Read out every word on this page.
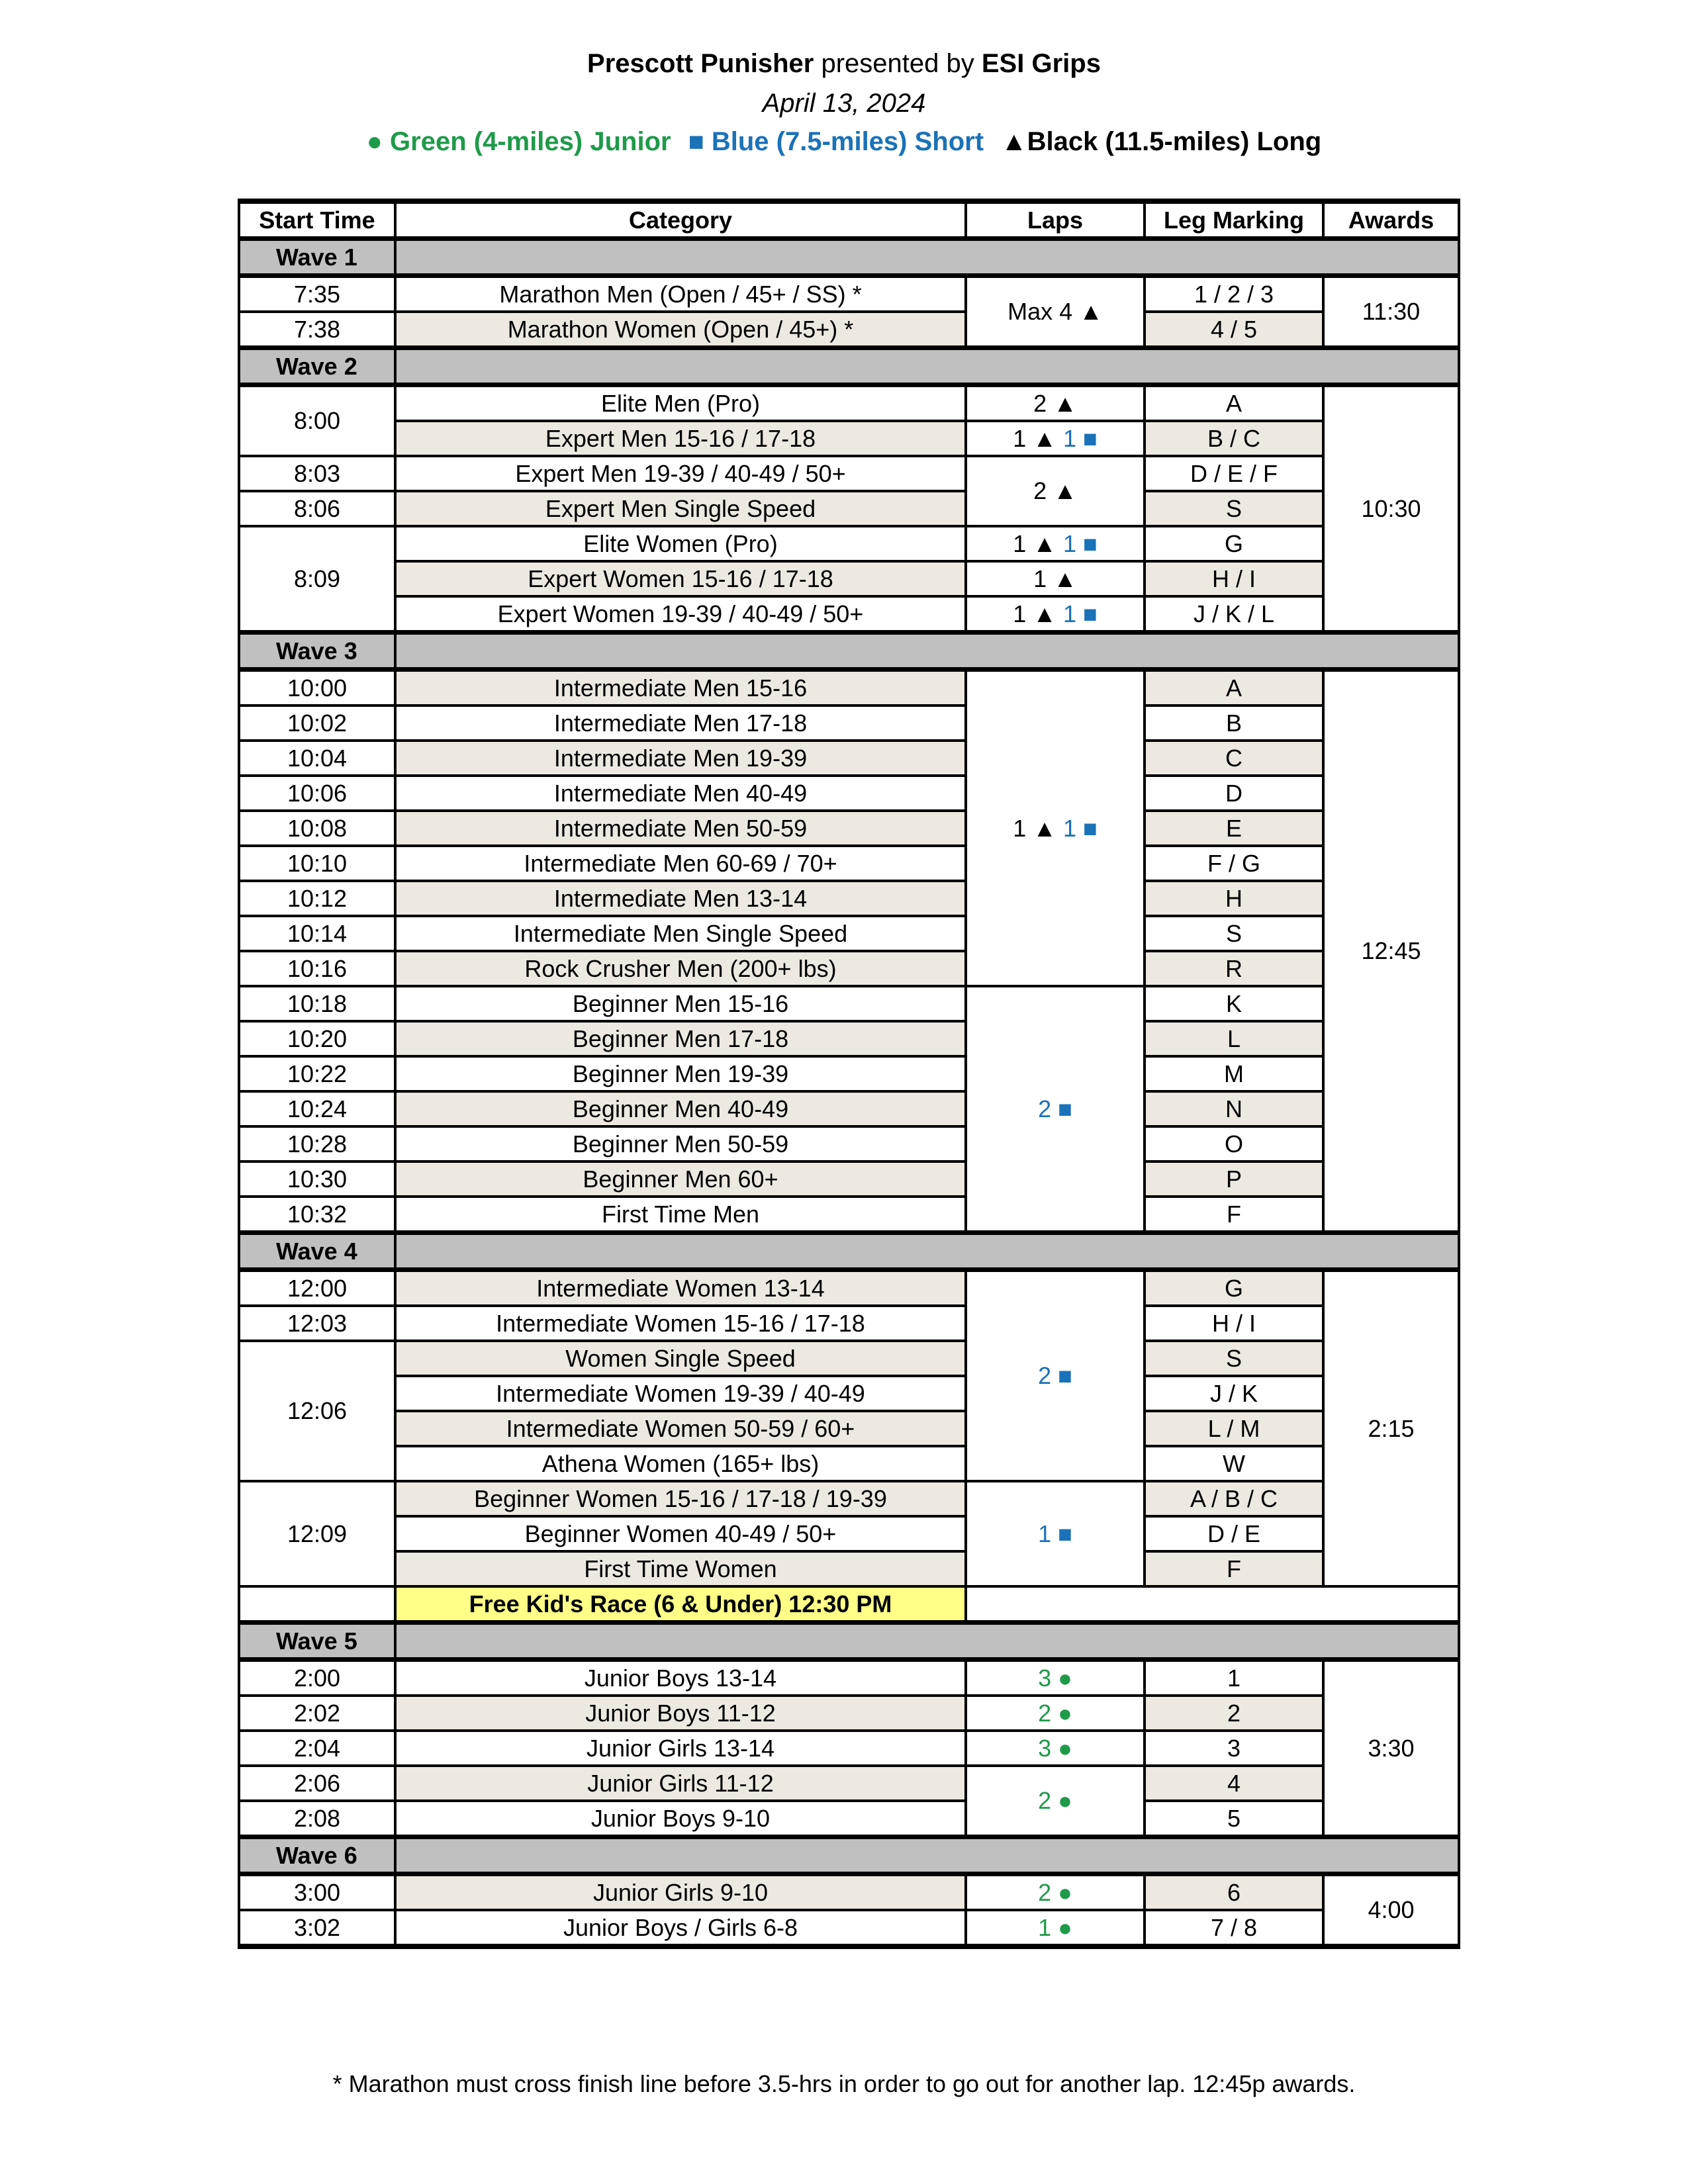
Prescott Punisher presented by ESI Grips
April 13, 2024
● Green (4-miles) Junior ■ Blue (7.5-miles) Short ▲Black (11.5-miles) Long
Start Time	Category	Laps	Leg Marking	Awards
Wave 1				
7:35	Marathon Men (Open / 45+ / SS) *	Max 4 ▲	1 / 2 / 3	11:30
7:38	Marathon Women (Open / 45+) *		4 / 5	
Wave 2				
8:00	Elite Men (Pro)	2 ▲	A	10:30
	Expert Men 15-16 / 17-18	1 ▲ 1 ■	B / C	
8:03	Expert Men 19-39 / 40-49 / 50+	2 ▲	D / E / F	
8:06	Expert Men Single Speed		S	
8:09	Elite Women (Pro)	1 ▲ 1 ■	G	
	Expert Women 15-16 / 17-18	1 ▲	H / I	
	Expert Women 19-39 / 40-49 / 50+	1 ▲ 1 ■	J / K / L	
Wave 3				
10:00	Intermediate Men 15-16	1 ▲ 1 ■	A	12:45
10:02	Intermediate Men 17-18		B	
10:04	Intermediate Men 19-39		C	
10:06	Intermediate Men 40-49		D	
10:08	Intermediate Men 50-59		E	
10:10	Intermediate Men 60-69 / 70+		F / G	
10:12	Intermediate Men 13-14		H	
10:14	Intermediate Men Single Speed		S	
10:16	Rock Crusher Men (200+ lbs)		R	
10:18	Beginner Men 15-16	2 ■	K	
10:20	Beginner Men 17-18		L	
10:22	Beginner Men 19-39		M	
10:24	Beginner Men 40-49		N	
10:28	Beginner Men 50-59		O	
10:30	Beginner Men 60+		P	
10:32	First Time Men		F	
Wave 4				
12:00	Intermediate Women 13-14	2 ■	G	2:15
12:03	Intermediate Women 15-16 / 17-18		H / I	
12:06	Women Single Speed		S	
	Intermediate Women 19-39 / 40-49		J / K	
	Intermediate Women 50-59 / 60+		L / M	
	Athena Women (165+ lbs)		W	
12:09	Beginner Women 15-16 / 17-18 / 19-39	1 ■	A / B / C	
	Beginner Women 40-49 / 50+		D / E	
	First Time Women		F	
	Free Kid's Race (6 & Under) 12:30 PM			
Wave 5				
2:00	Junior Boys 13-14	3 ●	1	3:30
2:02	Junior Boys 11-12	2 ●	2	
2:04	Junior Girls 13-14	3 ●	3	
2:06	Junior Girls 11-12	2 ●	4	
2:08	Junior Boys 9-10		5	
Wave 6				
3:00	Junior Girls 9-10	2 ●	6	4:00
3:02	Junior Boys / Girls 6-8	1 ●	7 / 8	
* Marathon must cross finish line before 3.5-hrs in order to go out for another lap. 12:45p awards.
